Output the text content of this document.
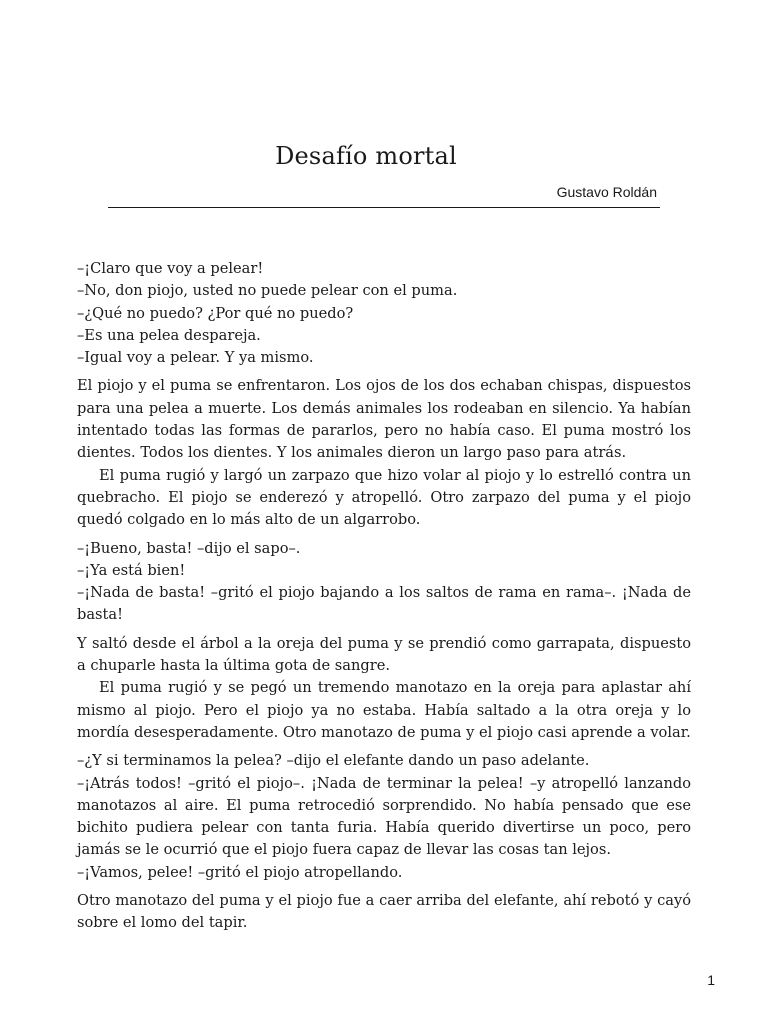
Desafío mortal
Gustavo Roldán

–¡Claro que voy a pelear!

–No, don piojo, usted no puede pelear con el puma.

–¿Qué no puedo? ¿Por qué no puedo?

–Es una pelea despareja.

–Igual voy a pelear. Y ya mismo.

El piojo y el puma se enfrentaron. Los ojos de los dos echaban chispas, dispuestos para una pelea a muerte. Los demás animales los rodeaban en silencio. Ya habían intentado todas las formas de pararlos, pero no había caso. El puma mostró los dientes. Todos los dientes. Y los animales dieron un largo paso para atrás.

El puma rugió y largó un zarpazo que hizo volar al piojo y lo estrelló contra un quebracho. El piojo se enderezó y atropelló. Otro zarpazo del puma y el piojo quedó colgado en lo más alto de un algarrobo.

–¡Bueno, basta! –dijo el sapo–.

–¡Ya está bien!

–¡Nada de basta! –gritó el piojo bajando a los saltos de rama en rama–. ¡Nada de basta!

Y saltó desde el árbol a la oreja del puma y se prendió como garrapata, dispuesto a chuparle hasta la última gota de sangre.

El puma rugió y se pegó un tremendo manotazo en la oreja para aplastar ahí mismo al piojo. Pero el piojo ya no estaba. Había saltado a la otra oreja y lo mordía desesperadamente. Otro manotazo de puma y el piojo casi aprende a volar.

–¿Y si terminamos la pelea? –dijo el elefante dando un paso adelante.

–¡Atrás todos! –gritó el piojo–. ¡Nada de terminar la pelea! –y atropelló lanzando manotazos al aire. El puma retrocedió sorprendido. No había pensado que ese bichito pudiera pelear con tanta furia. Había querido divertirse un poco, pero jamás se le ocurrió que el piojo fuera capaz de llevar las cosas tan lejos.

–¡Vamos, pelee! –gritó el piojo atropellando.

Otro manotazo del puma y el piojo fue a caer arriba del elefante, ahí rebotó y cayó sobre el lomo del tapir.

1
